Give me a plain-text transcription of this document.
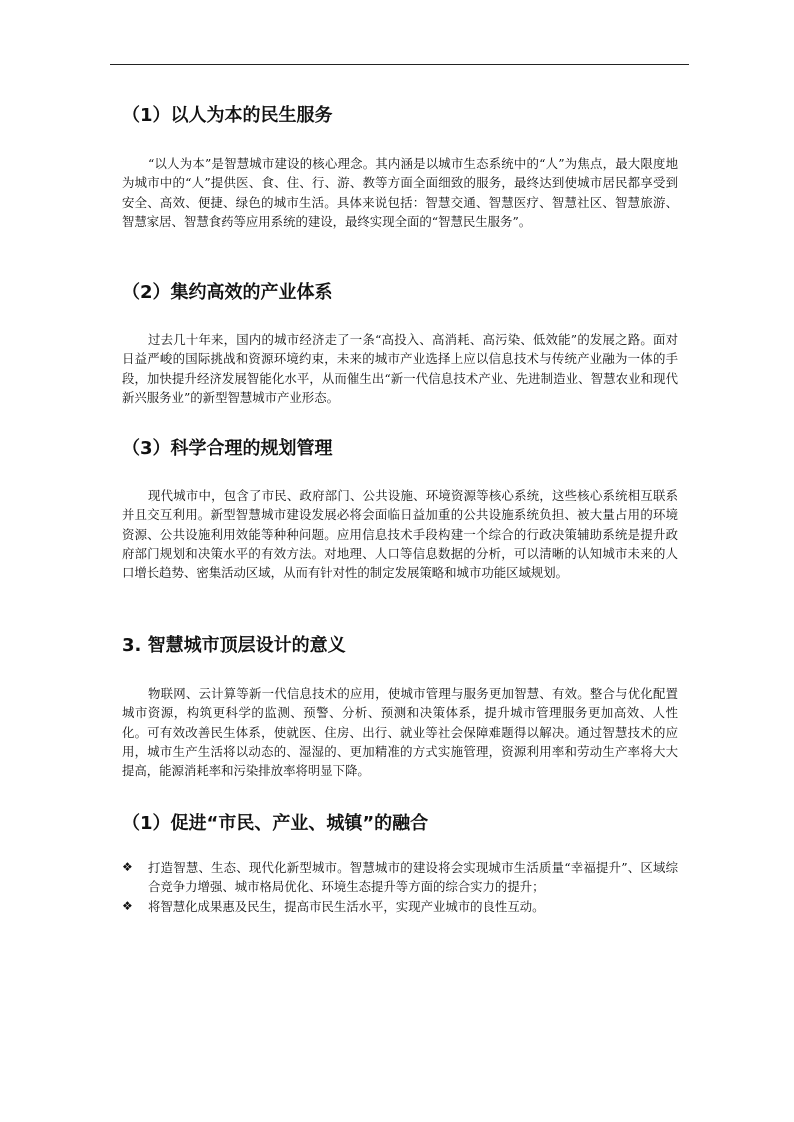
（1）以人为本的民生服务

“以人为本”是智慧城市建设的核心理念。其内涵是以城市生态系统中的“人”为焦点，最大限度地为城市中的“人”提供医、食、住、行、游、教等方面全面细致的服务，最终达到使城市居民都享受到安全、高效、便捷、绿色的城市生活。具体来说包括：智慧交通、智慧医疗、智慧社区、智慧旅游、智慧家居、智慧食药等应用系统的建设，最终实现全面的“智慧民生服务”。

（2）集约高效的产业体系

过去几十年来，国内的城市经济走了一条“高投入、高消耗、高污染、低效能”的发展之路。面对日益严峻的国际挑战和资源环境约束，未来的城市产业选择上应以信息技术与传统产业融为一体的手段，加快提升经济发展智能化水平，从而催生出“新一代信息技术产业、先进制造业、智慧农业和现代新兴服务业”的新型智慧城市产业形态。

（3）科学合理的规划管理

现代城市中，包含了市民、政府部门、公共设施、环境资源等核心系统，这些核心系统相互联系并且交互利用。新型智慧城市建设发展必将会面临日益加重的公共设施系统负担、被大量占用的环境资源、公共设施利用效能等种种问题。应用信息技术手段构建一个综合的行政决策辅助系统是提升政府部门规划和决策水平的有效方法。对地理、人口等信息数据的分析，可以清晰的认知城市未来的人口增长趋势、密集活动区域，从而有针对性的制定发展策略和城市功能区域规划。

3. 智慧城市顶层设计的意义

物联网、云计算等新一代信息技术的应用，使城市管理与服务更加智慧、有效。整合与优化配置城市资源，构筑更科学的监测、预警、分析、预测和决策体系，提升城市管理服务更加高效、人性化。可有效改善民生体系，使就医、住房、出行、就业等社会保障难题得以解决。通过智慧技术的应用，城市生产生活将以动态的、湿湿的、更加精准的方式实施管理，资源利用率和劳动生产率将大大提高，能源消耗率和污染排放率将明显下降。

（1）促进“市民、产业、城镇”的融合
❖ 打造智慧、生态、现代化新型城市。智慧城市的建设将会实现城市生活质量“幸福提升”、区域综合竞争力增强、城市格局优化、环境生态提升等方面的综合实力的提升；
❖ 将智慧化成果惠及民生，提高市民生活水平，实现产业城市的良性互动。
